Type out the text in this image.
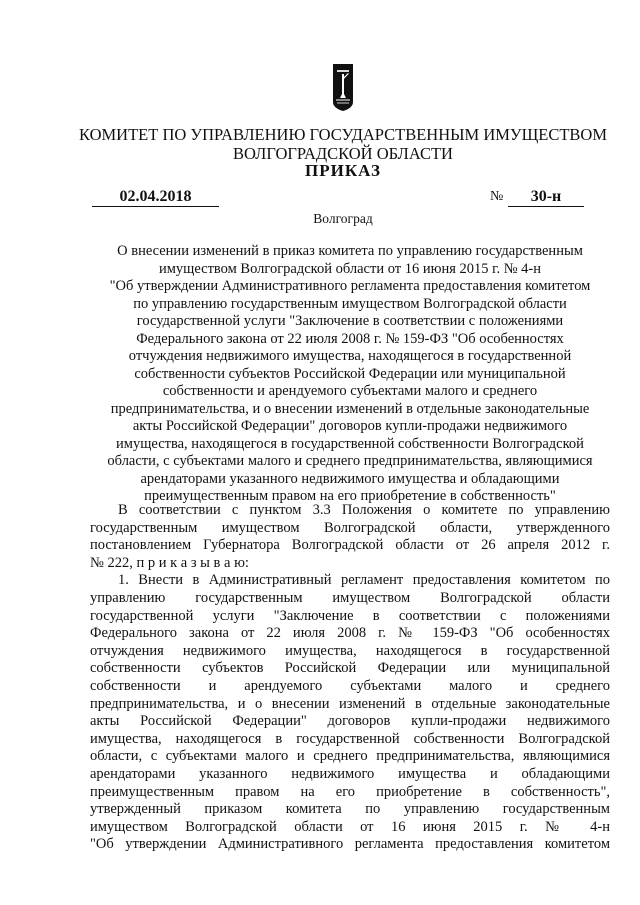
КОМИТЕТ ПО УПРАВЛЕНИЮ ГОСУДАРСТВЕННЫМ ИМУЩЕСТВОМ
ВОЛГОГРАДСКОЙ ОБЛАСТИ
ПРИКАЗ
02.04.2018	№	30-н
Волгоград
О внесении изменений в приказ комитета по управлению государственным
имуществом Волгоградской области от 16 июня 2015 г. № 4-н
"Об утверждении Административного регламента предоставления комитетом
по управлению государственным имуществом Волгоградской области
государственной услуги "Заключение в соответствии с положениями
Федерального закона от 22 июля 2008 г. № 159-ФЗ "Об особенностях
отчуждения недвижимого имущества, находящегося в государственной
собственности субъектов Российской Федерации или муниципальной
собственности и арендуемого субъектами малого и среднего
предпринимательства, и о внесении изменений в отдельные законодательные
акты Российской Федерации" договоров купли-продажи недвижимого
имущества, находящегося в государственной собственности Волгоградской
области, с субъектами малого и среднего предпринимательства, являющимися
арендаторами указанного недвижимого имущества и обладающими
преимущественным правом на его приобретение в собственность"
В соответствии с пунктом 3.3 Положения о комитете по управлению
государственным имуществом Волгоградской области, утвержденного
постановлением Губернатора Волгоградской области от 26 апреля 2012 г.
№ 222, п р и к а з ы в а ю:
1. Внести в Административный регламент предоставления комитетом по
управлению государственным имуществом Волгоградской области
государственной услуги "Заключение в соответствии с положениями
Федерального закона от 22 июля 2008 г. № 159-ФЗ "Об особенностях
отчуждения недвижимого имущества, находящегося в государственной
собственности субъектов Российской Федерации или муниципальной
собственности и арендуемого субъектами малого и среднего
предпринимательства, и о внесении изменений в отдельные законодательные
акты Российской Федерации" договоров купли-продажи недвижимого
имущества, находящегося в государственной собственности Волгоградской
области, с субъектами малого и среднего предпринимательства, являющимися
арендаторами указанного недвижимого имущества и обладающими
преимущественным правом на его приобретение в собственность",
утвержденный приказом комитета по управлению государственным
имуществом Волгоградской области от 16 июня 2015 г. № 4-н
"Об утверждении Административного регламента предоставления комитетом
